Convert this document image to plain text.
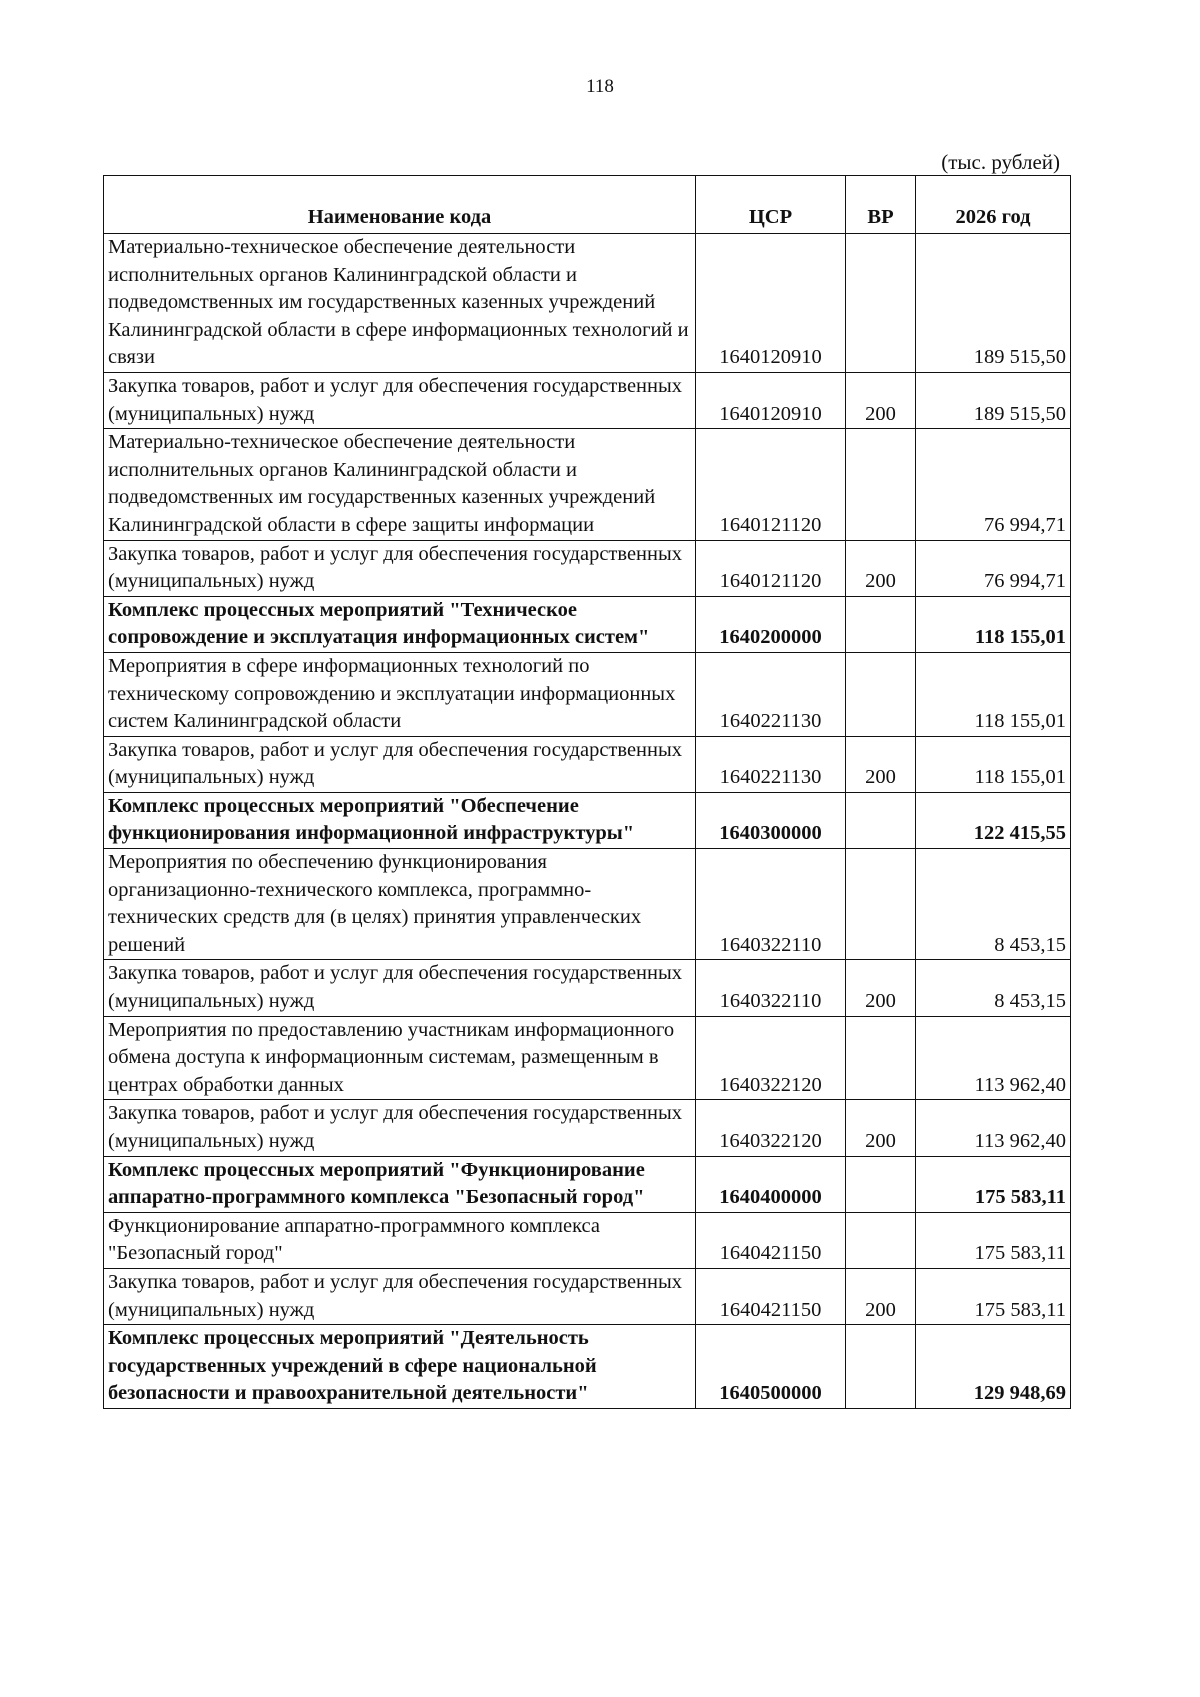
118
(тыс. рублей)
Наименование кода	ЦСР	ВР	2026 год
Материально-техническое обеспечение деятельности исполнительных органов Калининградской области и подведомственных им государственных казенных учреждений Калининградской области в сфере информационных технологий и связи	1640120910		189 515,50
Закупка товаров, работ и услуг для обеспечения государственных (муниципальных) нужд	1640120910	200	189 515,50
Материально-техническое обеспечение деятельности исполнительных органов Калининградской области и подведомственных им государственных казенных учреждений Калининградской области в сфере защиты информации	1640121120		76 994,71
Закупка товаров, работ и услуг для обеспечения государственных (муниципальных) нужд	1640121120	200	76 994,71
Комплекс процессных мероприятий "Техническое сопровождение и эксплуатация информационных систем"	1640200000		118 155,01
Мероприятия в сфере информационных технологий по техническому сопровождению и эксплуатации информационных систем Калининградской области	1640221130		118 155,01
Закупка товаров, работ и услуг для обеспечения государственных (муниципальных) нужд	1640221130	200	118 155,01
Комплекс процессных мероприятий "Обеспечение функционирования информационной инфраструктуры"	1640300000		122 415,55
Мероприятия по обеспечению функционирования организационно-технического комплекса, программно-технических средств для (в целях) принятия управленческих решений	1640322110		8 453,15
Закупка товаров, работ и услуг для обеспечения государственных (муниципальных) нужд	1640322110	200	8 453,15
Мероприятия по предоставлению участникам информационного обмена доступа к информационным системам, размещенным в центрах обработки данных	1640322120		113 962,40
Закупка товаров, работ и услуг для обеспечения государственных (муниципальных) нужд	1640322120	200	113 962,40
Комплекс процессных мероприятий "Функционирование аппаратно-программного комплекса "Безопасный город"	1640400000		175 583,11
Функционирование аппаратно-программного комплекса "Безопасный город"	1640421150		175 583,11
Закупка товаров, работ и услуг для обеспечения государственных (муниципальных) нужд	1640421150	200	175 583,11
Комплекс процессных мероприятий "Деятельность государственных учреждений в сфере национальной безопасности и правоохранительной деятельности"	1640500000		129 948,69
